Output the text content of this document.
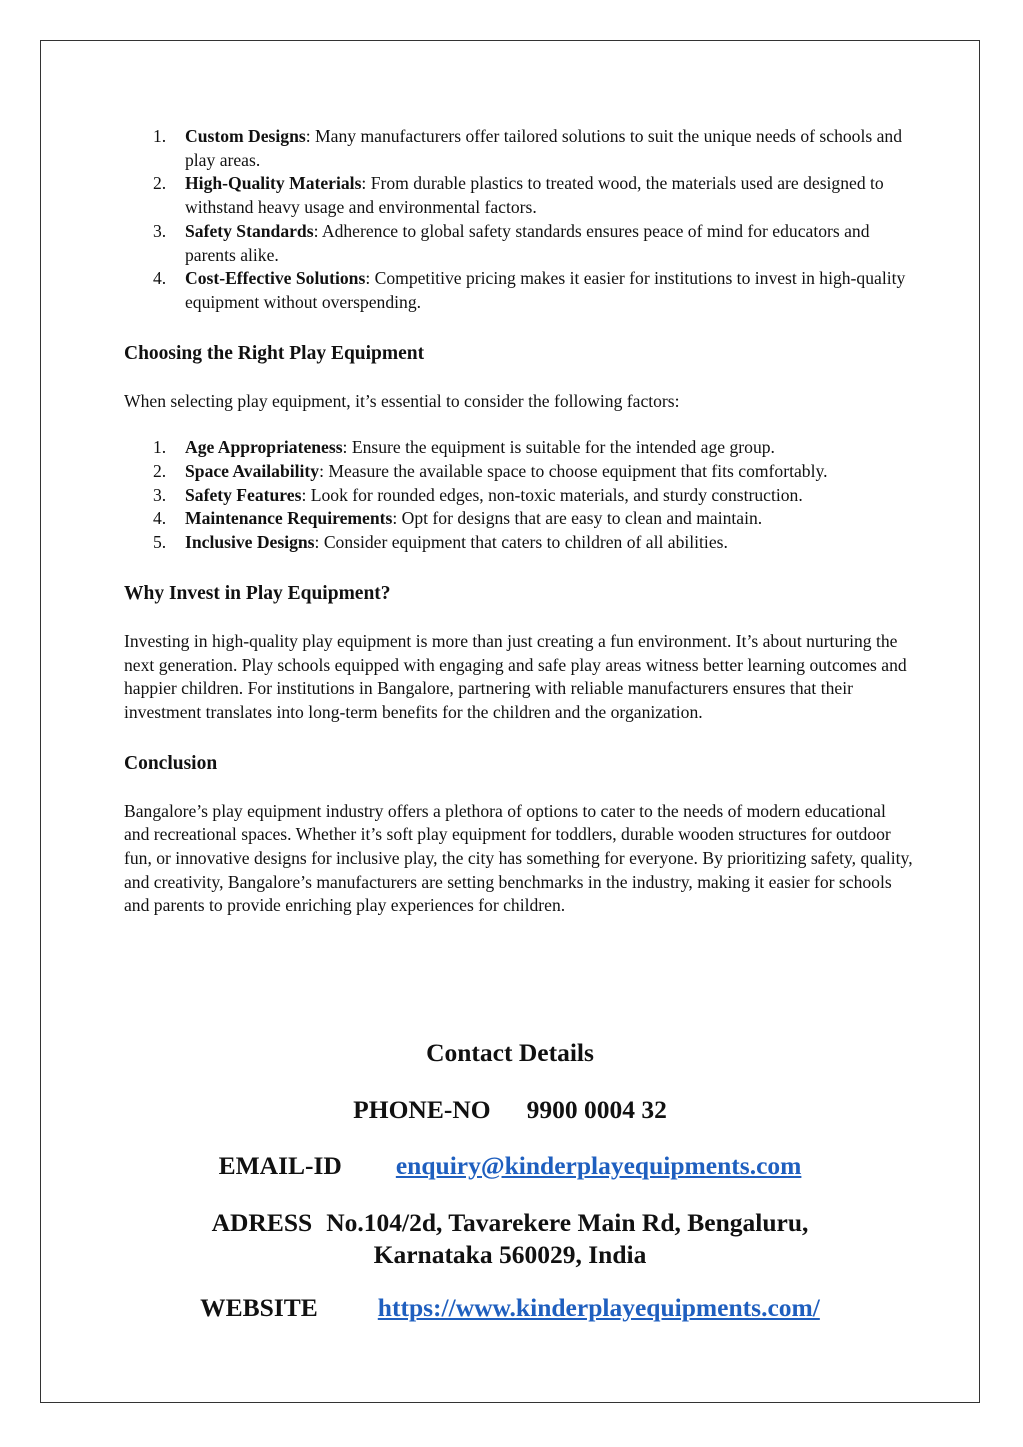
1. Custom Designs: Many manufacturers offer tailored solutions to suit the unique needs of schools and play areas.
2. High-Quality Materials: From durable plastics to treated wood, the materials used are designed to withstand heavy usage and environmental factors.
3. Safety Standards: Adherence to global safety standards ensures peace of mind for educators and parents alike.
4. Cost-Effective Solutions: Competitive pricing makes it easier for institutions to invest in high-quality equipment without overspending.
Choosing the Right Play Equipment

When selecting play equipment, it’s essential to consider the following factors:

1. Age Appropriateness: Ensure the equipment is suitable for the intended age group.
2. Space Availability: Measure the available space to choose equipment that fits comfortably.
3. Safety Features: Look for rounded edges, non-toxic materials, and sturdy construction.
4. Maintenance Requirements: Opt for designs that are easy to clean and maintain.
5. Inclusive Designs: Consider equipment that caters to children of all abilities.
Why Invest in Play Equipment?

Investing in high-quality play equipment is more than just creating a fun environment. It’s about nurturing the next generation. Play schools equipped with engaging and safe play areas witness better learning outcomes and happier children. For institutions in Bangalore, partnering with reliable manufacturers ensures that their investment translates into long-term benefits for the children and the organization.

Conclusion

Bangalore’s play equipment industry offers a plethora of options to cater to the needs of modern educational and recreational spaces. Whether it’s soft play equipment for toddlers, durable wooden structures for outdoor fun, or innovative designs for inclusive play, the city has something for everyone. By prioritizing safety, quality, and creativity, Bangalore’s manufacturers are setting benchmarks in the industry, making it easier for schools and parents to provide enriching play experiences for children.

Contact Details
PHONE-NO 9900 0004 32
EMAIL-ID enquiry@kinderplayequipments.com
ADRESS No.104/2d, Tavarekere Main Rd, Bengaluru,
Karnataka 560029, India
WEBSITE https://www.kinderplayequipments.com/
